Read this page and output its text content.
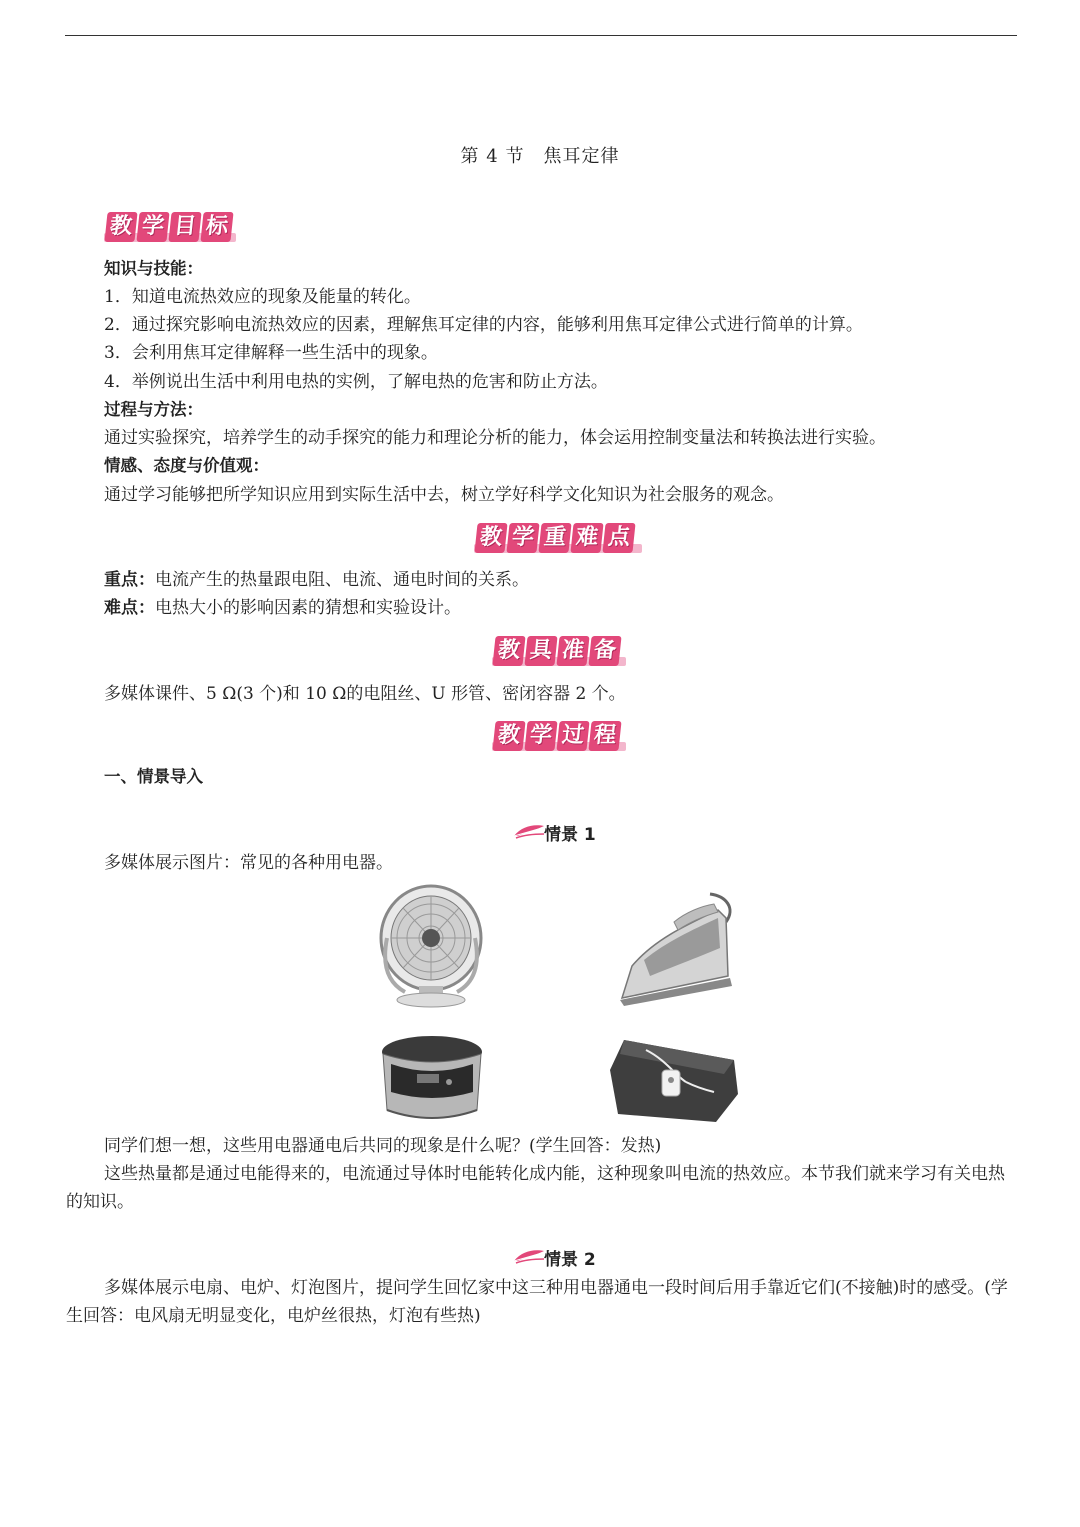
第 4 节　焦耳定律
教 学 目 标
知识与技能：
1．知道电流热效应的现象及能量的转化。
2．通过探究影响电流热效应的因素，理解焦耳定律的内容，能够利用焦耳定律公式进行简单的计算。
3．会利用焦耳定律解释一些生活中的现象。
4．举例说出生活中利用电热的实例，了解电热的危害和防止方法。
过程与方法：
通过实验探究，培养学生的动手探究的能力和理论分析的能力，体会运用控制变量法和转换法进行实验。
情感、态度与价值观：
通过学习能够把所学知识应用到实际生活中去，树立学好科学文化知识为社会服务的观念。
教 学 重 难 点
重点：电流产生的热量跟电阻、电流、通电时间的关系。
难点：电热大小的影响因素的猜想和实验设计。
教 具 准 备
多媒体课件、5 Ω(3 个)和 10 Ω的电阻丝、U 形管、密闭容器 2 个。
教 学 过 程
一、情景导入
情景 1
多媒体展示图片：常见的各种用电器。
同学们想一想，这些用电器通电后共同的现象是什么呢？(学生回答：发热)
这些热量都是通过电能得来的，电流通过导体时电能转化成内能，这种现象叫电流的热效应。本节我们就来学习有关电热的知识。
情景 2
多媒体展示电扇、电炉、灯泡图片，提问学生回忆家中这三种用电器通电一段时间后用手靠近它们(不接触)时的感受。(学生回答：电风扇无明显变化，电炉丝很热，灯泡有些热)
